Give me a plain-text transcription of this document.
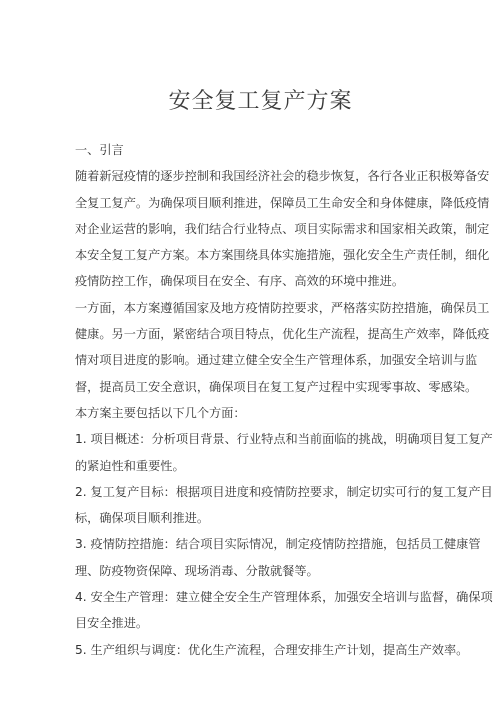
安全复工复产方案

一、引言

随着新冠疫情的逐步控制和我国经济社会的稳步恢复，各行各业正积极筹备安

全复工复产。为确保项目顺利推进，保障员工生命安全和身体健康，降低疫情

对企业运营的影响，我们结合行业特点、项目实际需求和国家相关政策，制定

本安全复工复产方案。本方案围绕具体实施措施，强化安全生产责任制，细化

疫情防控工作，确保项目在安全、有序、高效的环境中推进。

一方面，本方案遵循国家及地方疫情防控要求，严格落实防控措施，确保员工

健康。另一方面，紧密结合项目特点，优化生产流程，提高生产效率，降低疫

情对项目进度的影响。通过建立健全安全生产管理体系，加强安全培训与监

督，提高员工安全意识，确保项目在复工复产过程中实现零事故、零感染。

本方案主要包括以下几个方面：

1. 项目概述：分析项目背景、行业特点和当前面临的挑战，明确项目复工复产

的紧迫性和重要性。

2. 复工复产目标：根据项目进度和疫情防控要求，制定切实可行的复工复产目

标，确保项目顺利推进。

3. 疫情防控措施：结合项目实际情况，制定疫情防控措施，包括员工健康管

理、防疫物资保障、现场消毒、分散就餐等。

4. 安全生产管理：建立健全安全生产管理体系，加强安全培训与监督，确保项

目安全推进。

5. 生产组织与调度：优化生产流程，合理安排生产计划，提高生产效率。
